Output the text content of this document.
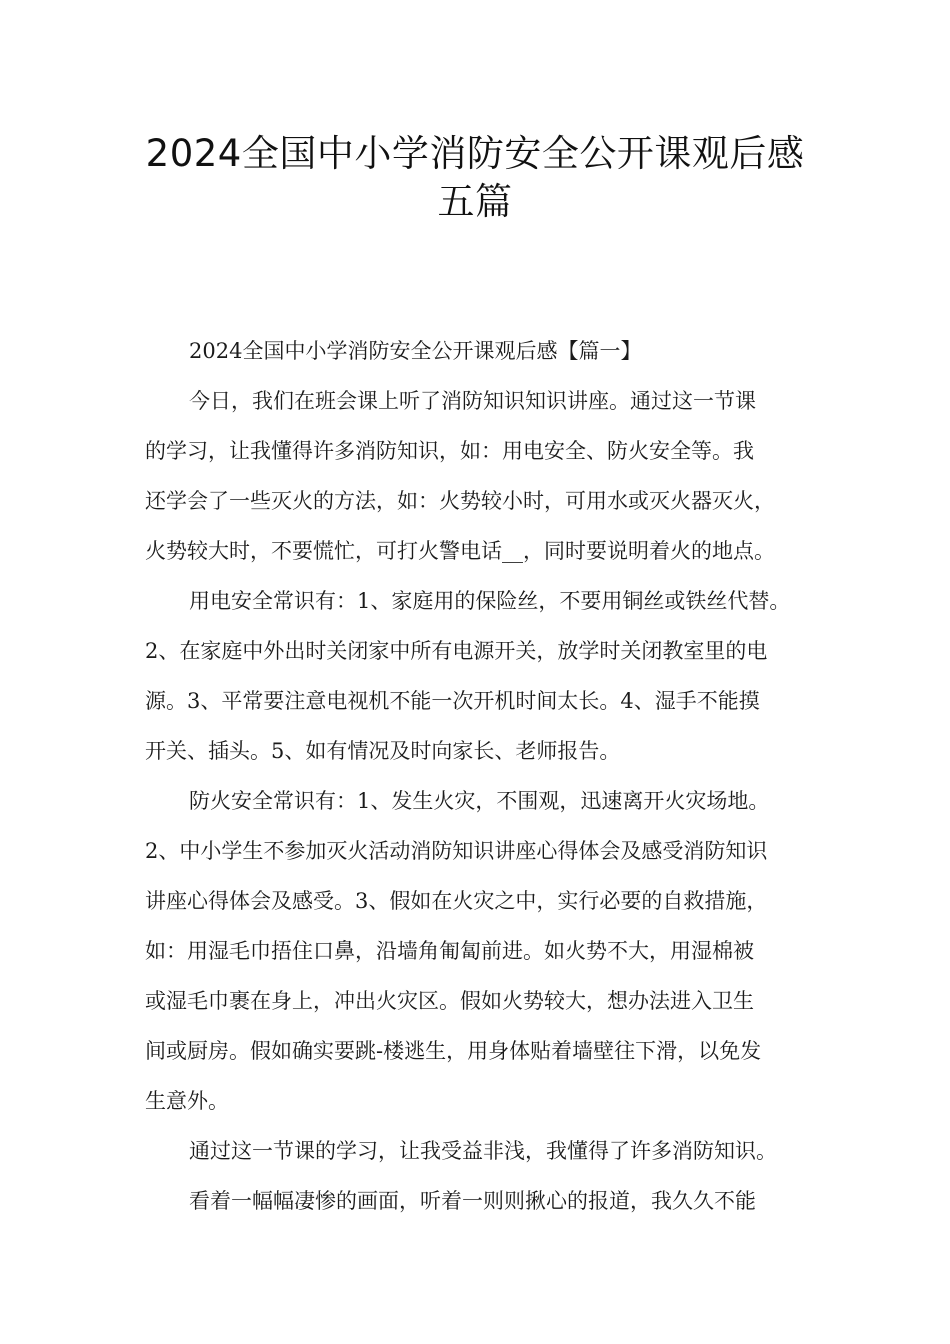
2024全国中小学消防安全公开课观后感
五篇
2024全国中小学消防安全公开课观后感【篇一】
今日，我们在班会课上听了消防知识知识讲座。通过这一节课
的学习，让我懂得许多消防知识，如：用电安全、防火安全等。我
还学会了一些灭火的方法，如：火势较小时，可用水或灭火器灭火，
火势较大时，不要慌忙，可打火警电话__，同时要说明着火的地点。
用电安全常识有：1、家庭用的保险丝，不要用铜丝或铁丝代替。
2、在家庭中外出时关闭家中所有电源开关，放学时关闭教室里的电
源。3、平常要注意电视机不能一次开机时间太长。4、湿手不能摸
开关、插头。5、如有情况及时向家长、老师报告。
防火安全常识有：1、发生火灾，不围观，迅速离开火灾场地。
2、中小学生不参加灭火活动消防知识讲座心得体会及感受消防知识
讲座心得体会及感受。3、假如在火灾之中，实行必要的自救措施，
如：用湿毛巾捂住口鼻，沿墙角匍匐前进。如火势不大，用湿棉被
或湿毛巾裹在身上，冲出火灾区。假如火势较大，想办法进入卫生
间或厨房。假如确实要跳-楼逃生，用身体贴着墙壁往下滑，以免发
生意外。
通过这一节课的学习，让我受益非浅，我懂得了许多消防知识。
看着一幅幅凄惨的画面，听着一则则揪心的报道，我久久不能
